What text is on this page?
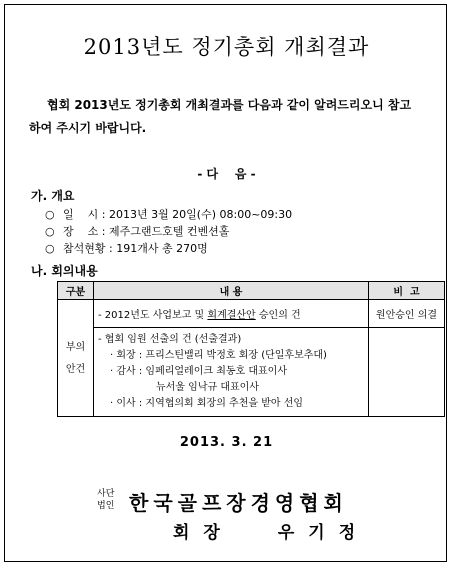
2013년도 정기총회 개최결과
협회 2013년도 정기총회 개최결과를 다음과 같이 알려드리오니 참고
하여 주시기 바랍니다.
- 다    음 -
가. 개요
○ 일    시 : 2013년 3월 20일(수) 08:00~09:30
○ 장    소 : 제주그랜드호텔 컨벤션홀
○ 참석현황 : 191개사 총 270명
나. 회의내용
구분	내 용	비  고
부의

안건	- 2012년도 사업보고 및 회계결산안 승인의 건	원안승인 의결

	- 협회 임원 선출의 건 (선출결과)
· 회장 : 프리스틴밸리 박정호 회장 (단일후보추대)
· 감사 : 임페리얼레이크 최동호 대표이사
뉴서울 임낙규 대표이사
· 이사 : 지역협의회 회장의 추천을 받아 선임	

2013. 3. 21
사단
법인 한국골프장경영협회
회장	우기정
